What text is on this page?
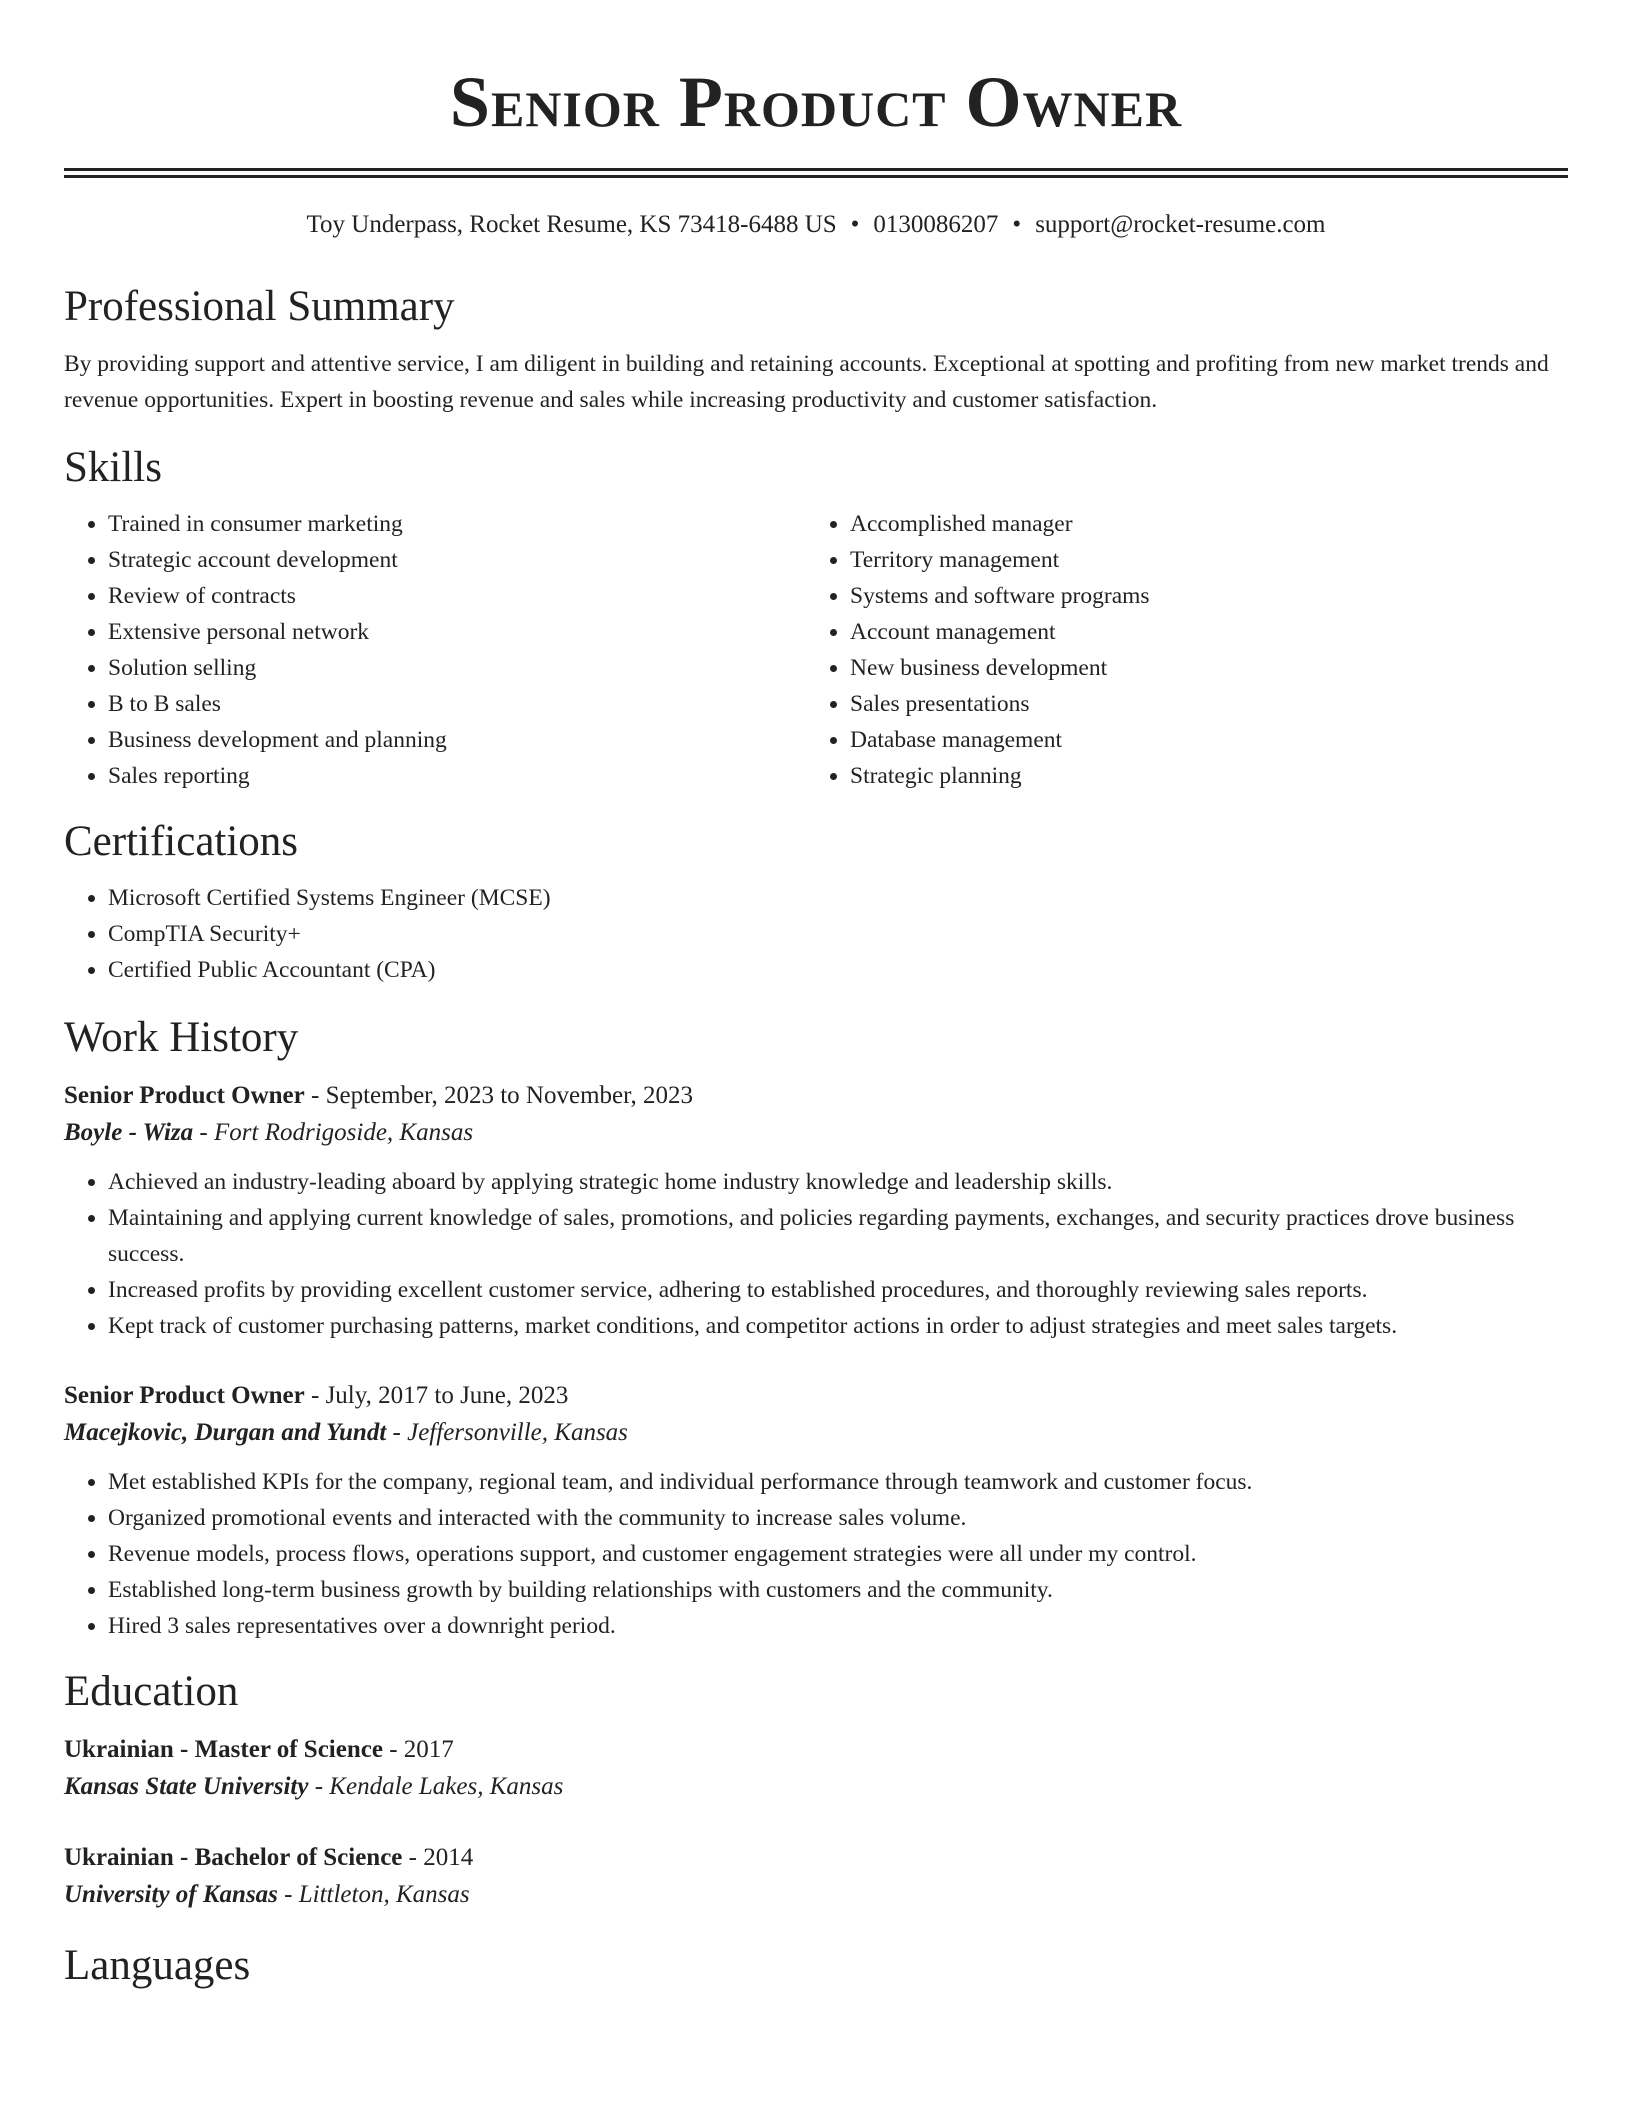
Senior Product Owner
Toy Underpass, Rocket Resume, KS 73418-6488 US • 0130086207 • support@rocket-resume.com
Professional Summary

By providing support and attentive service, I am diligent in building and retaining accounts. Exceptional at spotting and profiting from new market trends and revenue opportunities. Expert in boosting revenue and sales while increasing productivity and customer satisfaction.

Skills
• Trained in consumer marketing
• Strategic account development
• Review of contracts
• Extensive personal network
• Solution selling
• B to B sales
• Business development and planning
• Sales reporting
• Accomplished manager
• Territory management
• Systems and software programs
• Account management
• New business development
• Sales presentations
• Database management
• Strategic planning
Certifications
• Microsoft Certified Systems Engineer (MCSE)
• CompTIA Security+
• Certified Public Accountant (CPA)
Work History
Senior Product Owner - September, 2023 to November, 2023
Boyle - Wiza - Fort Rodrigoside, Kansas
• Achieved an industry-leading aboard by applying strategic home industry knowledge and leadership skills.
• Maintaining and applying current knowledge of sales, promotions, and policies regarding payments, exchanges, and security practices drove business success.
• Increased profits by providing excellent customer service, adhering to established procedures, and thoroughly reviewing sales reports.
• Kept track of customer purchasing patterns, market conditions, and competitor actions in order to adjust strategies and meet sales targets.
Senior Product Owner - July, 2017 to June, 2023
Macejkovic, Durgan and Yundt - Jeffersonville, Kansas
• Met established KPIs for the company, regional team, and individual performance through teamwork and customer focus.
• Organized promotional events and interacted with the community to increase sales volume.
• Revenue models, process flows, operations support, and customer engagement strategies were all under my control.
• Established long-term business growth by building relationships with customers and the community.
• Hired 3 sales representatives over a downright period.
Education
Ukrainian - Master of Science - 2017
Kansas State University - Kendale Lakes, Kansas
Ukrainian - Bachelor of Science - 2014
University of Kansas - Littleton, Kansas
Languages
